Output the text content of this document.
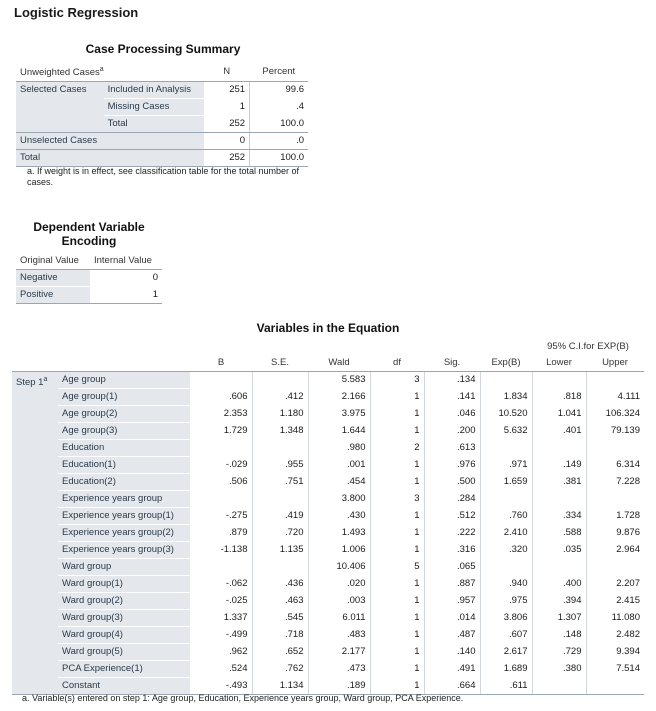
Logistic Regression
Case Processing Summary
Unweighted Cases$^a$		N	Percent
Selected Cases	Included in Analysis	251	99.6
	Missing Cases	1	.4
	Total	252	100.0
Unselected Cases		0	.0
Total		252	100.0
a. If weight is in effect, see classification table for the total number of cases.
Dependent Variable
Encoding
Original Value	Internal Value
Negative	0
Positive	1
Variables in the Equation
								95% C.I.for EXP(B)	
		B	S.E.	Wald	df	Sig.	Exp(B)	Lower	Upper
Step 1$^a$	Age group			5.583	3	.134			
	Age group(1)	.606	.412	2.166	1	.141	1.834	.818	4.111
	Age group(2)	2.353	1.180	3.975	1	.046	10.520	1.041	106.324
	Age group(3)	1.729	1.348	1.644	1	.200	5.632	.401	79.139
	Education			.980	2	.613			
	Education(1)	-.029	.955	.001	1	.976	.971	.149	6.314
	Education(2)	.506	.751	.454	1	.500	1.659	.381	7.228
	Experience years group			3.800	3	.284			
	Experience years group(1)	-.275	.419	.430	1	.512	.760	.334	1.728
	Experience years group(2)	.879	.720	1.493	1	.222	2.410	.588	9.876
	Experience years group(3)	-1.138	1.135	1.006	1	.316	.320	.035	2.964
	Ward group			10.406	5	.065			
	Ward group(1)	-.062	.436	.020	1	.887	.940	.400	2.207
	Ward group(2)	-.025	.463	.003	1	.957	.975	.394	2.415
	Ward group(3)	1.337	.545	6.011	1	.014	3.806	1.307	11.080
	Ward group(4)	-.499	.718	.483	1	.487	.607	.148	2.482
	Ward group(5)	.962	.652	2.177	1	.140	2.617	.729	9.394
	PCA Experience(1)	.524	.762	.473	1	.491	1.689	.380	7.514
	Constant	-.493	1.134	.189	1	.664	.611		
a. Variable(s) entered on step 1: Age group, Education, Experience years group, Ward group, PCA Experience.
